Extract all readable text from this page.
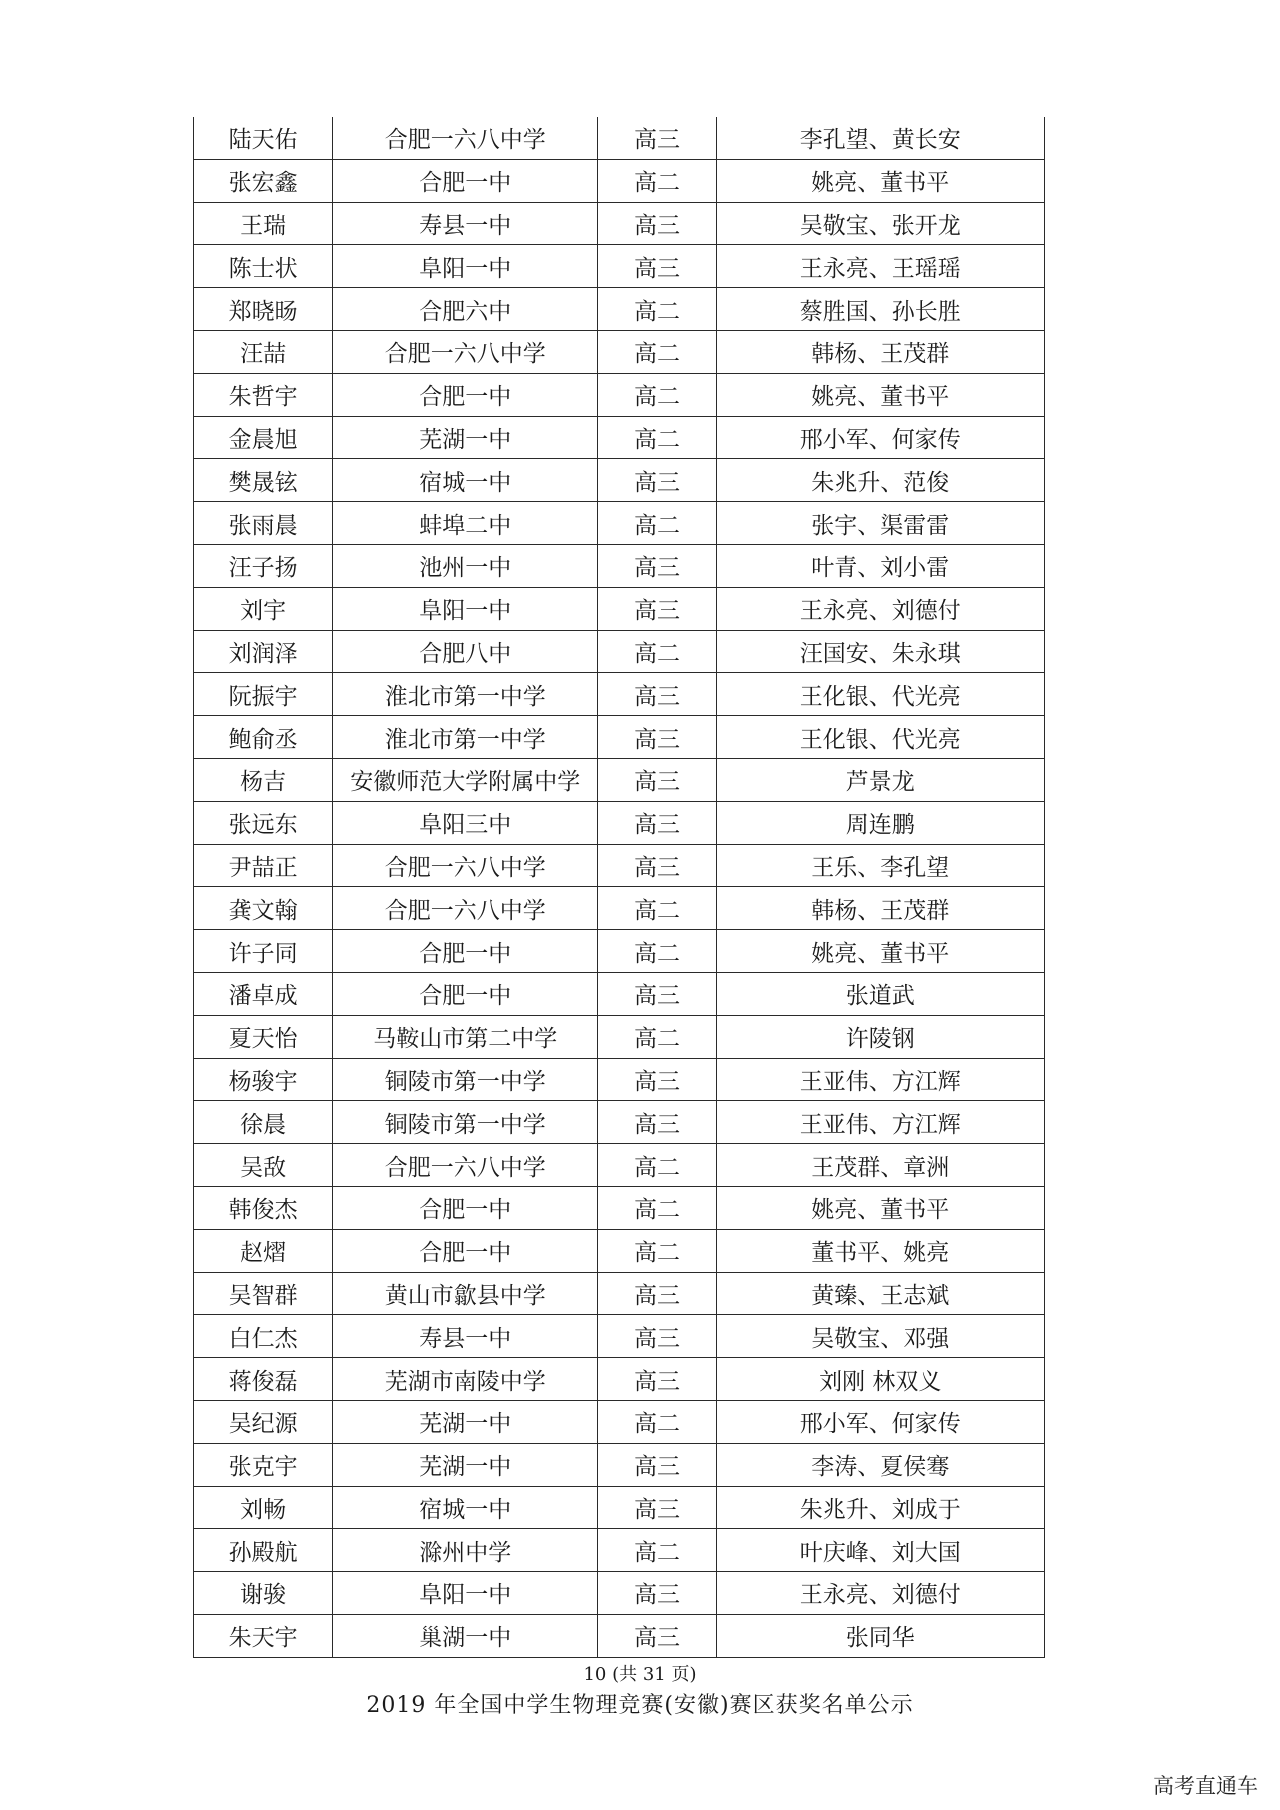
陆天佑	合肥一六八中学	高三	李孔望、黄长安
张宏鑫	合肥一中	高二	姚亮、董书平
王瑞	寿县一中	高三	吴敬宝、张开龙
陈士状	阜阳一中	高三	王永亮、王瑶瑶
郑晓旸	合肥六中	高二	蔡胜国、孙长胜
汪喆	合肥一六八中学	高二	韩杨、王茂群
朱哲宇	合肥一中	高二	姚亮、董书平
金晨旭	芜湖一中	高二	邢小军、何家传
樊晟铉	宿城一中	高三	朱兆升、范俊
张雨晨	蚌埠二中	高二	张宇、渠雷雷
汪子扬	池州一中	高三	叶青、刘小雷
刘宇	阜阳一中	高三	王永亮、刘德付
刘润泽	合肥八中	高二	汪国安、朱永琪
阮振宇	淮北市第一中学	高三	王化银、代光亮
鲍俞丞	淮北市第一中学	高三	王化银、代光亮
杨吉	安徽师范大学附属中学	高三	芦景龙
张远东	阜阳三中	高三	周连鹏
尹喆正	合肥一六八中学	高三	王乐、李孔望
龚文翰	合肥一六八中学	高二	韩杨、王茂群
许子同	合肥一中	高二	姚亮、董书平
潘卓成	合肥一中	高三	张道武
夏天怡	马鞍山市第二中学	高二	许陵钢
杨骏宇	铜陵市第一中学	高三	王亚伟、方江辉
徐晨	铜陵市第一中学	高三	王亚伟、方江辉
吴敌	合肥一六八中学	高二	王茂群、章洲
韩俊杰	合肥一中	高二	姚亮、董书平
赵熠	合肥一中	高二	董书平、姚亮
吴智群	黄山市歙县中学	高三	黄臻、王志斌
白仁杰	寿县一中	高三	吴敬宝、邓强
蒋俊磊	芜湖市南陵中学	高三	刘刚 林双义
吴纪源	芜湖一中	高二	邢小军、何家传
张克宇	芜湖一中	高三	李涛、夏侯骞
刘畅	宿城一中	高三	朱兆升、刘成于
孙殿航	滁州中学	高二	叶庆峰、刘大国
谢骏	阜阳一中	高三	王永亮、刘德付
朱天宇	巢湖一中	高三	张同华
10 (共 31 页)
2019 年全国中学生物理竞赛(安徽)赛区获奖名单公示
高考直通车
